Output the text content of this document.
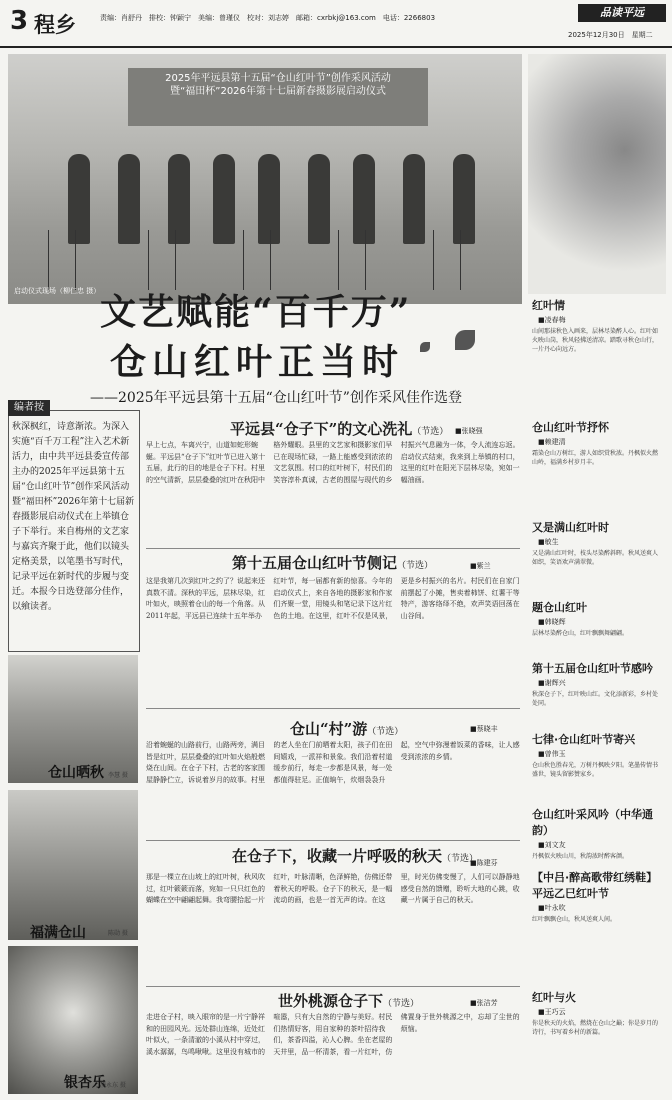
3 程乡	责编：肖舒丹　排校：钟颖宁　美编：曾瑾仪　校对：刘志婷　邮箱：cxrbkj@163.com　电话：2266803	品读平远
2025年12月30日　星期二
2025年平远县第十五届“仓山红叶节”创作采风活动
暨“福田杯”2026年第十七届新春摄影展启动仪式
启动仪式现场（柳仁忠 摄）
红叶情
■凌春梅
山间那抹秋色入画来，层林尽染醉人心。红叶如火映山岗，秋风轻拂送清凉。踏歌寻秋仓山行，一片丹心向远方。
仓山红叶节抒怀
■赖建清
霜染仓山万树红，游人如织赏秋浓。丹枫似火燃山岭，福满乡村岁月丰。
又是满山红叶时
■敏生
又是满山红叶时，枝头尽染醉斜晖。秋风送爽人如织，笑语欢声满翠微。
题仓山红叶
■韩晓辉
层林尽染醉仓山，红叶飘飘舞翩翩。
第十五届仓山红叶节感吟
■谢辉兴
秋深仓子下，红叶映山红。文化添新彩，乡村处处同。
七律·仓山红叶节寄兴
■曾伟玉
仓山秋色胜春光，万树丹枫映夕阳。笔墨传情书盛世，镜头留影赞家乡。
仓山红叶采风吟（中华通韵）
■刘文友
丹枫似火映山川，秋韵浓时醉客颜。
【中吕·醉高歌带红绣鞋】平远乙巳红叶节
■叶永吹
红叶飘飘仓山，秋风送爽人间。
红叶与火
■王巧云
你是秋天的火焰，燃烧在仓山之巅；你是岁月的诗行，书写着乡村的新篇。
文艺赋能“百千万”
仓山红叶正当时
——2025年平远县第十五届“仓山红叶节”创作采风佳作选登
编者按
秋深枫红，诗意渐浓。为深入实施“百千万工程”注入艺术新活力，由中共平远县委宣传部主办的2025年平远县第十五届“仓山红叶节”创作采风活动暨“福田杯”2026年第十七届新春摄影展启动仪式在上举镇仓子下举行。来自梅州的文艺家与嘉宾齐聚于此，他们以镜头定格美景，以笔墨书写时代，记录平远在新时代的步履与变迁。本报今日选登部分佳作，以飨读者。
仓山晒秋 李慧 摄
福满仓山	陈勋 摄
银杏乐
凌永东 摄
平远县“仓子下”的文心洗礼（节选） ■张晓强
早上七点，车离兴宁，山道如蛇形蜿蜒。平远县“仓子下”红叶节已进入第十五届，此行的目的地是仓子下村。村里的空气清新，层层叠叠的红叶在秋阳中格外耀眼。县里的文艺家和摄影家们早已在现场忙碌，一路上能感受到浓浓的文艺氛围。村口的红叶树下，村民们的笑容淳朴真诚，古老的围屋与现代的乡村振兴气息融为一体，令人流连忘返。启动仪式结束，我来到上举镇的村口，这里的红叶在阳光下层林尽染，宛如一幅油画。
第十五届仓山红叶节侧记（节选）	■紫兰
这是我第几次到红叶之约了？说起来还真数不清。深秋的平远，层林尽染，红叶如火，映照着仓山的每一个角落。从2011年起，平远县已连续十五年举办红叶节，每一届都有新的惊喜。今年的启动仪式上，来自各地的摄影家和作家们齐聚一堂，用镜头和笔记录下这片红色的土地。在这里，红叶不仅是风景，更是乡村振兴的名片。村民们在自家门前摆起了小摊，售卖着柿饼、红薯干等特产，游客络绎不绝，欢声笑语回荡在山谷间。
仓山“村”游（节选）	■蔡晓丰
沿着蜿蜒的山路前行，山路两旁，满目皆是红叶，层层叠叠的红叶如火焰般燃烧在山间。在仓子下村，古老的客家围屋静静伫立，诉说着岁月的故事。村里的老人坐在门前晒着太阳，孩子们在田间嬉戏，一派祥和景象。我们沿着村道缓步前行，每走一步都是风景，每一处都值得驻足。正值晌午，炊烟袅袅升起，空气中弥漫着饭菜的香味，让人感受到浓浓的乡情。
在仓子下，收藏一片呼吸的秋天（节选）
■陈建芬
那是一棵立在山坡上的红叶树，秋风吹过，红叶簌簌而落，宛如一只只红色的蝴蝶在空中翩翩起舞。我弯腰拾起一片红叶，叶脉清晰，色泽鲜艳，仿佛还带着秋天的呼吸。仓子下的秋天，是一幅流动的画，也是一首无声的诗。在这里，时光仿佛变慢了，人们可以静静地感受自然的馈赠，聆听大地的心跳，收藏一片属于自己的秋天。
世外桃源仓子下（节选）	■张洁芳
走进仓子村，映入眼帘的是一片宁静祥和的田园风光。远处群山连绵，近处红叶似火，一条清澈的小溪从村中穿过，溪水潺潺，鸟鸣啾啾。这里没有城市的喧嚣，只有大自然的宁静与美好。村民们热情好客，用自家种的茶叶招待我们，茶香四溢，沁人心脾。坐在老屋的天井里，品一杯清茶，看一片红叶，仿佛置身于世外桃源之中，忘却了尘世的烦恼。
